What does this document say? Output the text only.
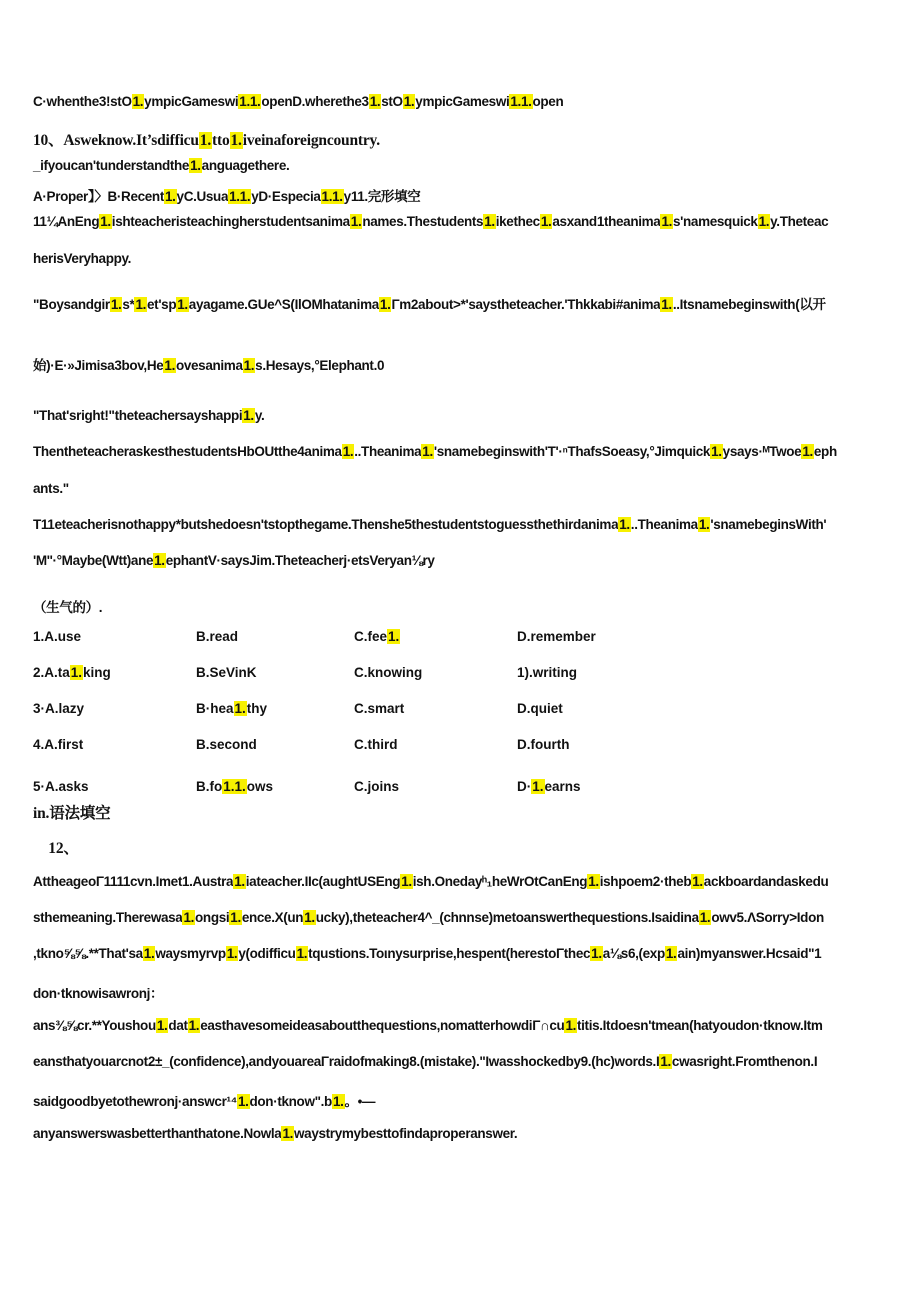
C·whenthe3!stO1.ympicGameswi1.1.openD.wherethe31.stO1.ympicGameswi1.1.open
10、Asweknow.It’sdifficu1.tto1.iveinaforeigncountry.
_ifyoucan'tunderstandthe1.anguagethere.
A·Proper】〉B·Recent1.yC.Usua1.1.yD·Especia1.1.y11.完形填空
11¼AnEng1.ishteacheristeachingherstudentsanima1.names.Thestudents1.ikethec1.asxand1theanima1.s'namesquick1.y.Theteac
herisVeryhappy.
"Boysandgir1.s*1.et'sp1.ayagame.GUe^S(IlOMhatanima1.Γm2about>*'saystheteacher.'Thkkabi#anima1...Itsnamebeginswith(以开
始)·E·»Jimisa3bov,He1.ovesanima1.s.Hesays,°Elephant.0
"That'sright!"theteachersayshappi1.y.
ThentheteacheraskesthestudentsHbOUtthe4anima1...Theanima1.'snamebeginswith'T'·ⁿThafsSoeasy,°Jimquick1.ysays·ᴹTwoe1.eph
ants."
T11eteacherisnothappy*butshedoesn'tstopthegame.Thenshe5thestudentstoguessthethirdanima1...Theanima1.'snamebeginsWith'
'M''·°Maybe(Wtt)ane1.ephantV·saysJim.Theteacherj·etsVeryan⅛ry
（生气的）.
in.语法填空
　12、
AttheageoΓ1111cvn.Imet1.Austra1.iateacher.IIc(aughtUSEng1.ish.Onedayʰ₁heWrOtCanEng1.ishpoem2·theb1.ackboardandaskedu
sthemeaning.Therewasa1.ongsi1.ence.X(un1.ucky),theteacher4^_(chnnse)metoanswerthequestions.Isaidina1.owv5.ΛSorry>Idon
,tkno⅝⅝.**That'sa1.waysmyrvp1.y(odifficu1.tqustions.Toιnysurprise,hespent(herestoΓthec1.a⅛s6,(exp1.ain)myanswer.Hcsaid"1
don·tknowisawronj：
ans⅜⅝cr.**Youshou1.dat1.easthavesomeideasaboutthequestions,nomatterhowdiΓ∩cu1.titis.Itdoesn'tmean(hatyoudon·tknow.Itm
eansthatyouarcnot2±_(confidence),andyouareaΓraidofmaking8.(mistake)."Iwasshockedby9.(hc)words.I1.cwasright.Fromthenon.I
saidgoodbyetothewronj·answcr¹⁴1.don·tknow".b1.。•—
anyanswerswasbetterthanthatone.Nowla1.waystrymybesttofindaproperanswer.
1.A.use	B.read	C.fee1.	D.remember
2.A.ta1.king	B.SeVinK	C.knowing	1).writing
3·A.lazy	B·hea1.thy	C.smart	D.quiet
4.A.first	B.second	C.third	D.fourth
5·A.asks	B.fo1.1.ows	C.joins	D·1.earns
